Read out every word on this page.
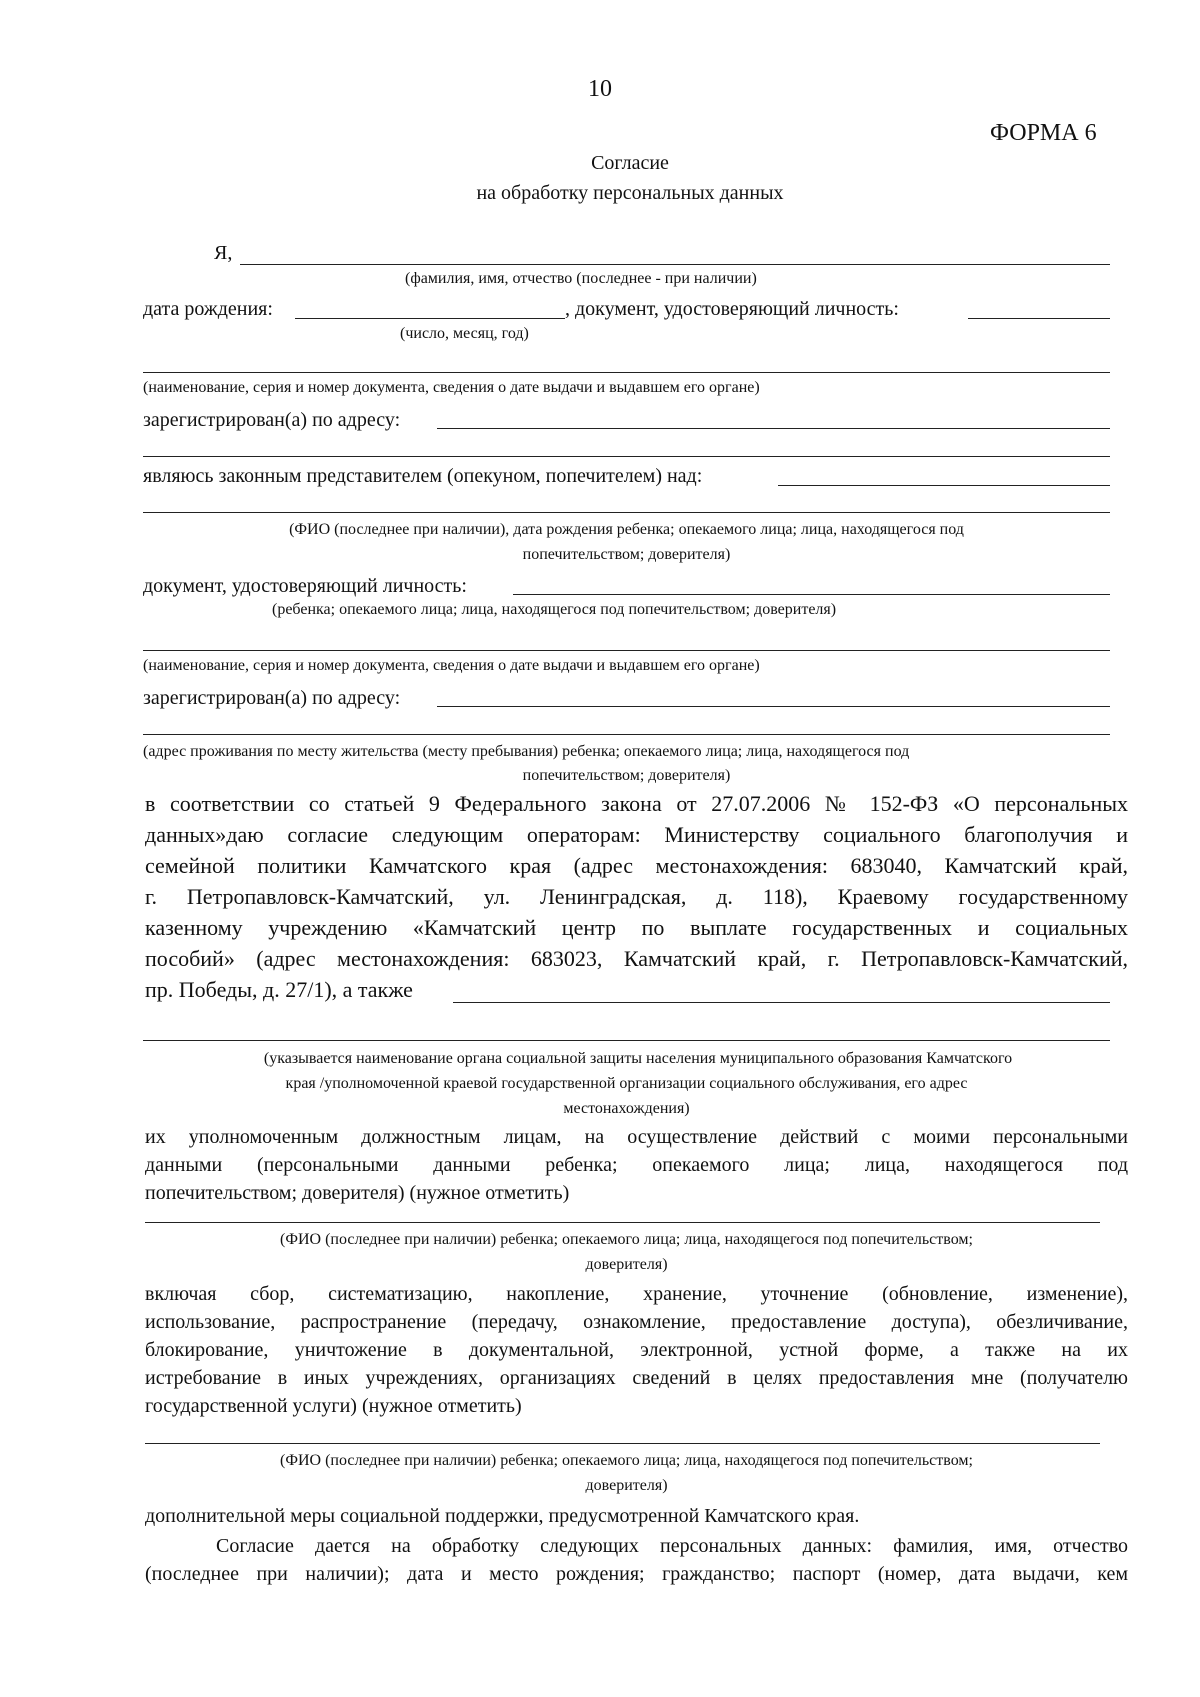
10
ФОРМА 6
Согласие
на обработку персональных данных
Я,
(фамилия, имя, отчество (последнее - при наличии)
дата рождения:	, документ, удостоверяющий личность:
(число, месяц, год)
(наименование, серия и номер документа, сведения о дате выдачи и выдавшем его органе)
зарегистрирован(а) по адресу:
являюсь законным представителем (опекуном, попечителем) над:
(ФИО (последнее при наличии), дата рождения ребенка; опекаемого лица; лица, находящегося под
попечительством; доверителя)
документ, удостоверяющий личность:
(ребенка; опекаемого лица; лица, находящегося под попечительством; доверителя)
(наименование, серия и номер документа, сведения о дате выдачи и выдавшем его органе)
зарегистрирован(а) по адресу:
(адрес проживания по месту жительства (месту пребывания) ребенка; опекаемого лица; лица, находящегося под
попечительством; доверителя)
в соответствии со статьей 9 Федерального закона от 27.07.2006 № 152-ФЗ «О персональных
данных»даю согласие следующим операторам: Министерству социального благополучия и
семейной политики Камчатского края (адрес местонахождения: 683040, Камчатский край,
г. Петропавловск-Камчатский, ул. Ленинградская, д. 118), Краевому государственному
казенному учреждению «Камчатский центр по выплате государственных и социальных
пособий» (адрес местонахождения: 683023, Камчатский край, г. Петропавловск-Камчатский,
пр. Победы, д. 27/1), а также
(указывается наименование органа социальной защиты населения муниципального образования Камчатского
края /уполномоченной краевой государственной организации социального обслуживания, его адрес
местонахождения)
их уполномоченным должностным лицам, на осуществление действий с моими персональными
данными (персональными данными ребенка; опекаемого лица; лица, находящегося под
попечительством; доверителя) (нужное отметить)
(ФИО (последнее при наличии) ребенка; опекаемого лица; лица, находящегося под попечительством;
доверителя)
включая сбор, систематизацию, накопление, хранение, уточнение (обновление, изменение),
использование, распространение (передачу, ознакомление, предоставление доступа), обезличивание,
блокирование, уничтожение в документальной, электронной, устной форме, а также на их
истребование в иных учреждениях, организациях сведений в целях предоставления мне (получателю
государственной услуги) (нужное отметить)
(ФИО (последнее при наличии) ребенка; опекаемого лица; лица, находящегося под попечительством;
доверителя)
дополнительной меры социальной поддержки, предусмотренной Камчатского края.
Согласие дается на обработку следующих персональных данных: фамилия, имя, отчество
(последнее при наличии); дата и место рождения; гражданство; паспорт (номер, дата выдачи, кем
